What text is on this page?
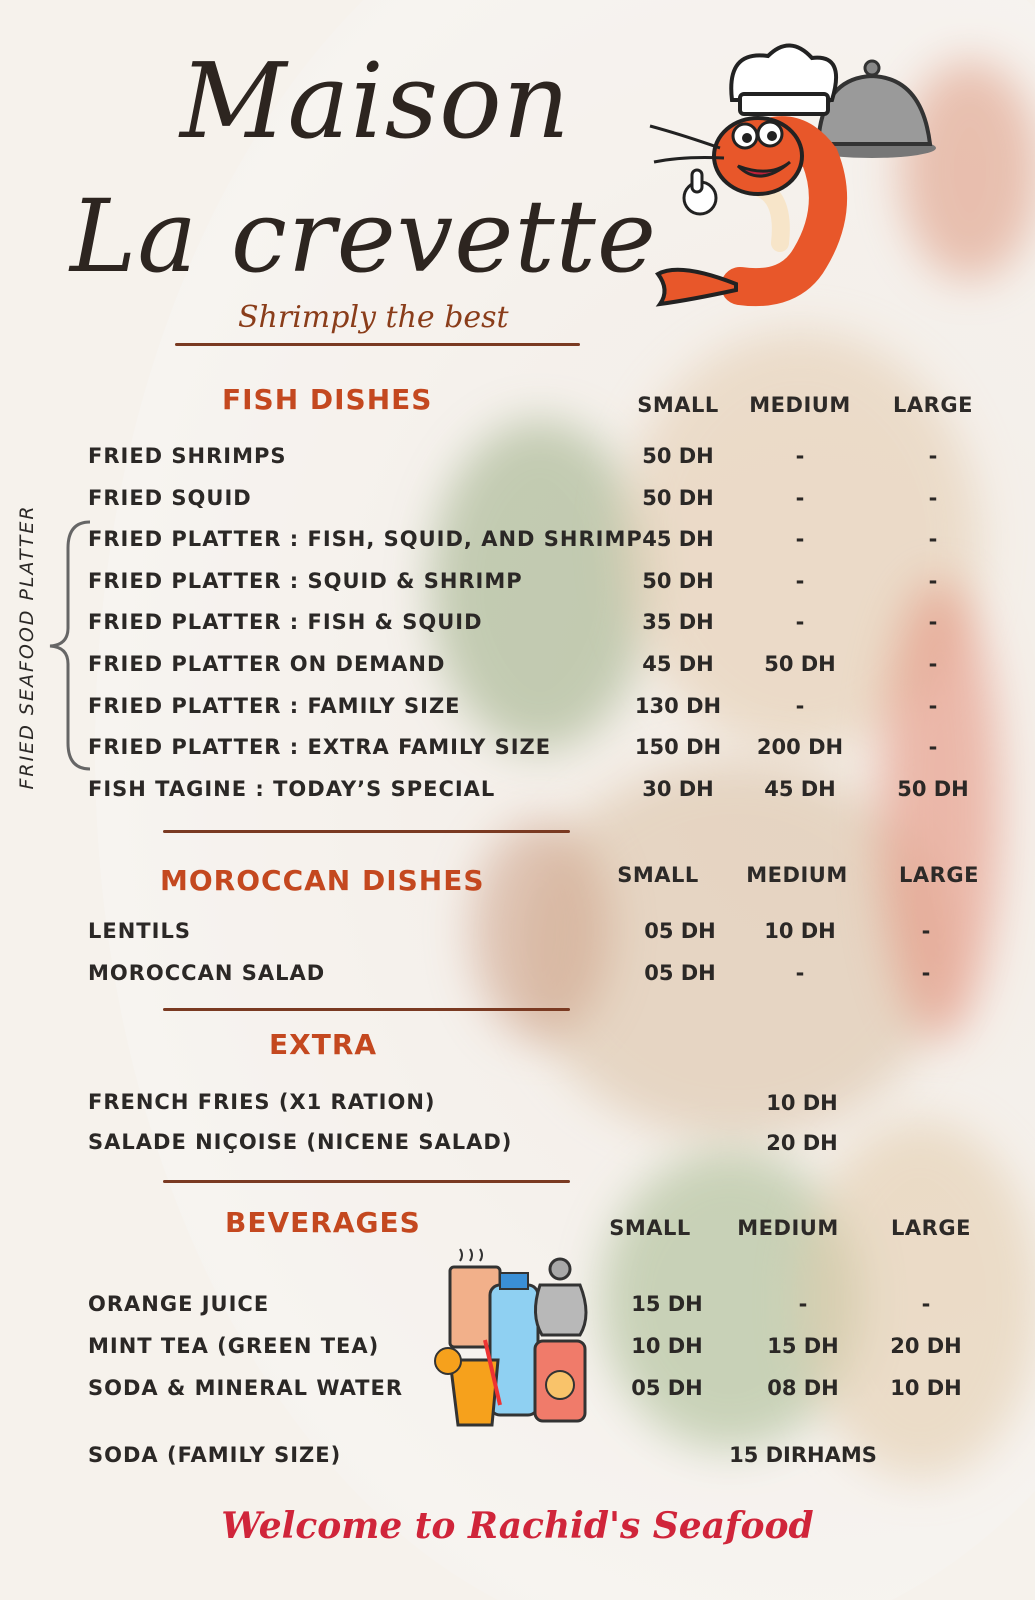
Maison
La crevette
Shrimply the best
FISH DISHES	SMALL	MEDIUM	LARGE
FRIED SEAFOOD PLATTER
FRIED SHRIMPS	50 DH	-	-
FRIED SQUID	50 DH	-	-
FRIED PLATTER : FISH, SQUID, AND SHRIMP 45 DH	-	-
FRIED PLATTER : SQUID & SHRIMP	50 DH	-	-
FRIED PLATTER : FISH & SQUID	35 DH	-	-
FRIED PLATTER ON DEMAND	45 DH	50 DH	-
FRIED PLATTER : FAMILY SIZE	130 DH	-	-
FRIED PLATTER : EXTRA FAMILY SIZE	150 DH	200 DH	-
FISH TAGINE : TODAY’S SPECIAL	30 DH	45 DH	50 DH
MOROCCAN DISHES	SMALL	MEDIUM	LARGE
LENTILS	05 DH	10 DH	-
MOROCCAN SALAD	05 DH	-	-
EXTRA
FRENCH FRIES (X1 RATION)	10 DH
SALADE NIÇOISE (NICENE SALAD)	20 DH
BEVERAGES	SMALL	MEDIUM	LARGE
ORANGE JUICE	15 DH	-	-
MINT TEA (GREEN TEA)	10 DH	15 DH	20 DH
SODA & MINERAL WATER	05 DH	08 DH	10 DH
SODA (FAMILY SIZE)	15 DIRHAMS
Welcome to Rachid's Seafood
